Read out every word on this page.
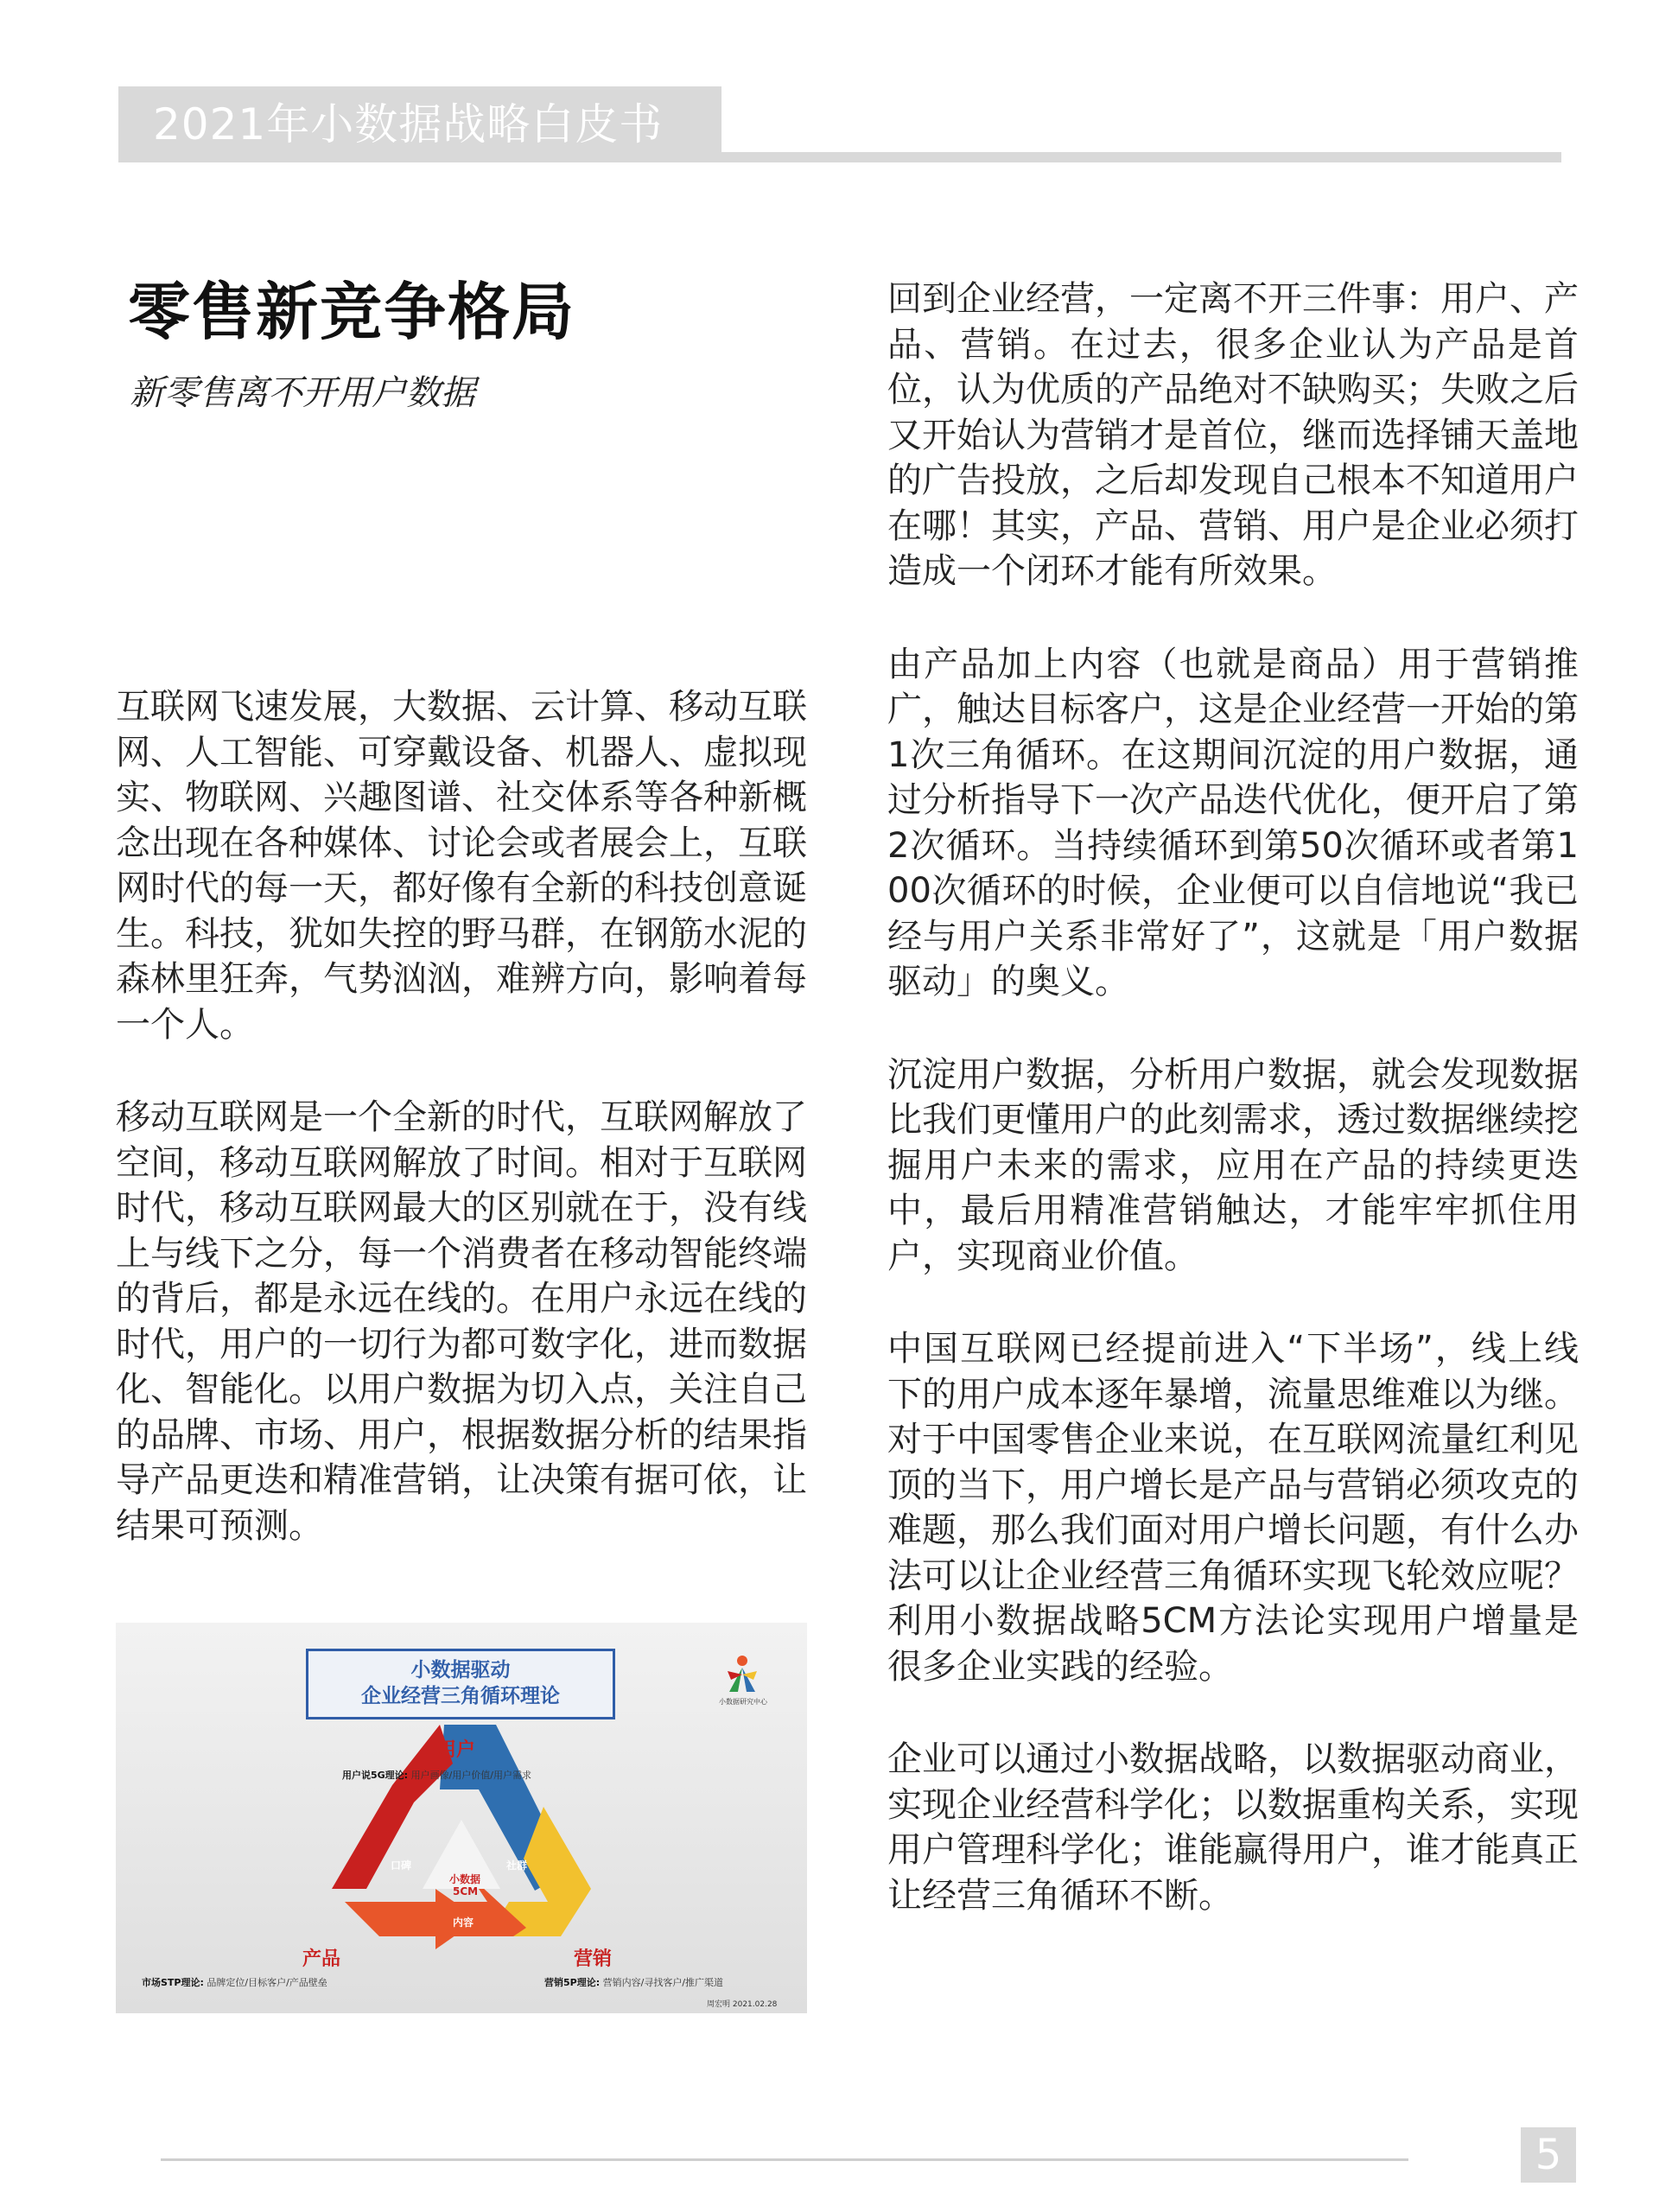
2021年小数据战略白皮书
零售新竞争格局
新零售离不开用户数据

互联网飞速发展，大数据、云计算、移动互联网、人工智能、可穿戴设备、机器人、虚拟现实、物联网、兴趣图谱、社交体系等各种新概念出现在各种媒体、讨论会或者展会上，互联网时代的每一天，都好像有全新的科技创意诞生。科技，犹如失控的野马群，在钢筋水泥的森林里狂奔，气势汹汹，难辨方向，影响着每一个人。

移动互联网是一个全新的时代，互联网解放了空间，移动互联网解放了时间。相对于互联网时代，移动互联网最大的区别就在于，没有线上与线下之分，每一个消费者在移动智能终端的背后，都是永远在线的。在用户永远在线的时代，用户的一切行为都可数字化，进而数据化、智能化。以用户数据为切入点，关注自己的品牌、市场、用户，根据数据分析的结果指导产品更迭和精准营销，让决策有据可依，让结果可预测。

小数据驱动
企业经营三角循环理论	小数据研究中心
用户
用户说5G理论: 用户画像/用户价值/用户需求
产品
市场STP理论: 品牌定位/目标客户/产品壁垒
营销
营销5P理论: 营销内容/寻找客户/推广渠道
口碑	社群
内容
小数据
5CM
周宏明 2021.02.28

回到企业经营，一定离不开三件事：用户、产品、营销。在过去，很多企业认为产品是首位，认为优质的产品绝对不缺购买；失败之后又开始认为营销才是首位，继而选择铺天盖地的广告投放，之后却发现自己根本不知道用户在哪！其实，产品、营销、用户是企业必须打造成一个闭环才能有所效果。

由产品加上内容（也就是商品）用于营销推广，触达目标客户，这是企业经营一开始的第1次三角循环。在这期间沉淀的用户数据，通过分析指导下一次产品迭代优化，便开启了第2次循环。当持续循环到第50次循环或者第100次循环的时候，企业便可以自信地说“我已经与用户关系非常好了”，这就是「用户数据驱动」的奥义。

沉淀用户数据，分析用户数据，就会发现数据比我们更懂用户的此刻需求，透过数据继续挖掘用户未来的需求，应用在产品的持续更迭中，最后用精准营销触达，才能牢牢抓住用户，实现商业价值。

中国互联网已经提前进入“下半场”，线上线下的用户成本逐年暴增，流量思维难以为继。对于中国零售企业来说，在互联网流量红利见顶的当下，用户增长是产品与营销必须攻克的难题，那么我们面对用户增长问题，有什么办法可以让企业经营三角循环实现飞轮效应呢？利用小数据战略5CM方法论实现用户增量是很多企业实践的经验。

企业可以通过小数据战略，以数据驱动商业，实现企业经营科学化；以数据重构关系，实现用户管理科学化；谁能赢得用户，谁才能真正让经营三角循环不断。

5
